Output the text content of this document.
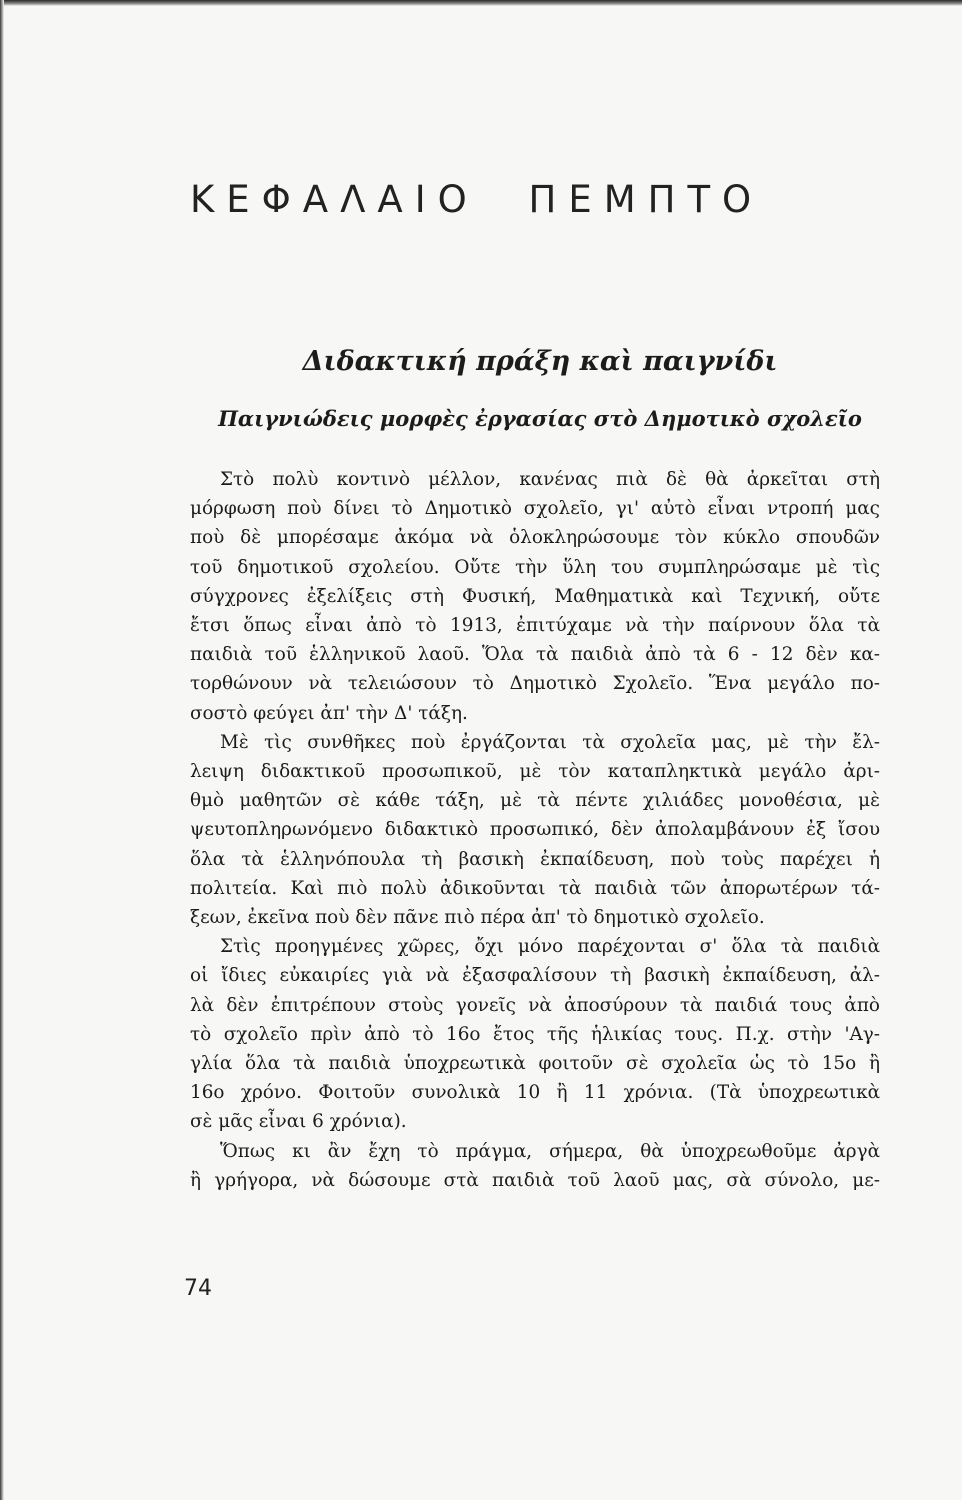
ΚΕΦΑΛΑΙΟ ΠΕΜΠΤΟ
Διδακτική πράξη καὶ παιγνίδι
Παιγνιώδεις μορφὲς ἐργασίας στὸ Δημοτικὸ σχολεῖο
Στὸ πολὺ κοντινὸ μέλλον, κανένας πιὰ δὲ θὰ ἀρκεῖται στὴ
μόρφωση ποὺ δίνει τὸ Δημοτικὸ σχολεῖο, γι' αὐτὸ εἶναι ντροπή μας
ποὺ δὲ μπορέσαμε ἀκόμα νὰ ὁλοκληρώσουμε τὸν κύκλο σπουδῶν
τοῦ δημοτικοῦ σχολείου. Οὔτε τὴν ὕλη του συμπληρώσαμε μὲ τὶς
σύγχρονες ἐξελίξεις στὴ Φυσική, Μαθηματικὰ καὶ Τεχνική, οὔτε
ἔτσι ὅπως εἶναι ἀπὸ τὸ 1913, ἐπιτύχαμε νὰ τὴν παίρνουν ὅλα τὰ
παιδιὰ τοῦ ἑλληνικοῦ λαοῦ. Ὅλα τὰ παιδιὰ ἀπὸ τὰ 6 - 12 δὲν κα-
τορθώνουν νὰ τελειώσουν τὸ Δημοτικὸ Σχολεῖο. Ἕνα μεγάλο πο-
σοστὸ φεύγει ἀπ' τὴν Δ' τάξη.
Μὲ τὶς συνθῆκες ποὺ ἐργάζονται τὰ σχολεῖα μας, μὲ τὴν ἔλ-
λειψη διδακτικοῦ προσωπικοῦ, μὲ τὸν καταπληκτικὰ μεγάλο ἀρι-
θμὸ μαθητῶν σὲ κάθε τάξη, μὲ τὰ πέντε χιλιάδες μονοθέσια, μὲ
ψευτοπληρωνόμενο διδακτικὸ προσωπικό, δὲν ἀπολαμβάνουν ἐξ ἴσου
ὅλα τὰ ἑλληνόπουλα τὴ βασικὴ ἐκπαίδευση, ποὺ τοὺς παρέχει ἡ
πολιτεία. Καὶ πιὸ πολὺ ἀδικοῦνται τὰ παιδιὰ τῶν ἀπορωτέρων τά-
ξεων, ἐκεῖνα ποὺ δὲν πᾶνε πιὸ πέρα ἀπ' τὸ δημοτικὸ σχολεῖο.
Στὶς προηγμένες χῶρες, ὄχι μόνο παρέχονται σ' ὅλα τὰ παιδιὰ
οἱ ἴδιες εὐκαιρίες γιὰ νὰ ἐξασφαλίσουν τὴ βασικὴ ἐκπαίδευση, ἀλ-
λὰ δὲν ἐπιτρέπουν στοὺς γονεῖς νὰ ἀποσύρουν τὰ παιδιά τους ἀπὸ
τὸ σχολεῖο πρὶν ἀπὸ τὸ 16ο ἔτος τῆς ἡλικίας τους. Π.χ. στὴν 'Αγ-
γλία ὅλα τὰ παιδιὰ ὑποχρεωτικὰ φοιτοῦν σὲ σχολεῖα ὡς τὸ 15ο ἢ
16ο χρόνο. Φοιτοῦν συνολικὰ 10 ἢ 11 χρόνια. (Τὰ ὑποχρεωτικὰ
σὲ μᾶς εἶναι 6 χρόνια).
Ὅπως κι ἂν ἔχη τὸ πράγμα, σήμερα, θὰ ὑποχρεωθοῦμε ἀργὰ
ἢ γρήγορα, νὰ δώσουμε στὰ παιδιὰ τοῦ λαοῦ μας, σὰ σύνολο, με-
74
